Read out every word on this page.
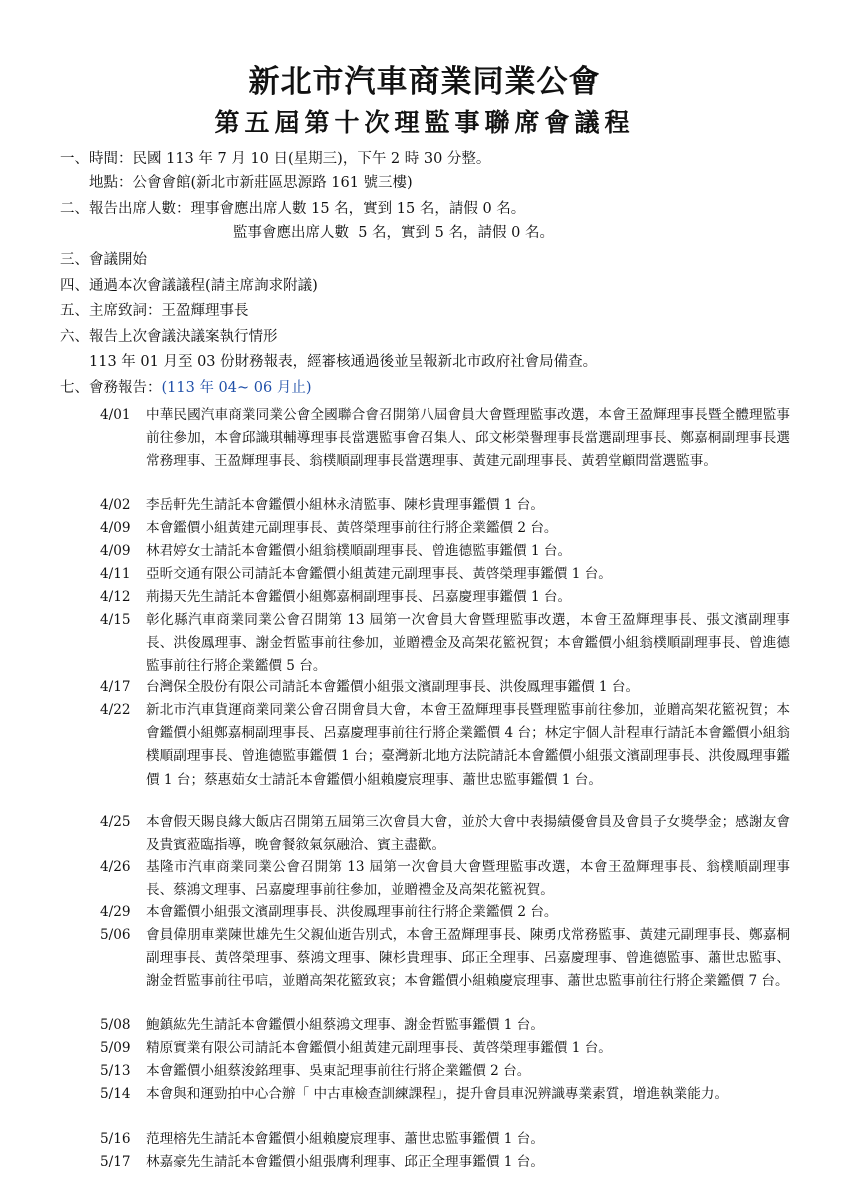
新北市汽車商業同業公會
第五屆第十次理監事聯席會議程
一、時間：民國 113 年 7 月 10 日(星期三)，下午 2 時 30 分整。
地點：公會會館(新北市新莊區思源路 161 號三樓)
二、報告出席人數：理事會應出席人數 15 名，實到 15 名，請假 0 名。
監事會應出席人數  5 名，實到 5 名，請假 0 名。
三、會議開始
四、通過本次會議議程(請主席詢求附議)
五、主席致詞：王盈輝理事長
六、報告上次會議決議案執行情形
113 年 01 月至 03 份財務報表，經審核通過後並呈報新北市政府社會局備查。
七、會務報告：(113 年 04~ 06 月止)
4/01	中華民國汽車商業同業公會全國聯合會召開第八屆會員大會暨理監事改選，本會王盈輝理事長暨全體理監事前往參加，本會邱識琪輔導理事長當選監事會召集人、邱文彬榮譽理事長當選副理事長、鄭嘉桐副理事長選常務理事、王盈輝理事長、翁樸順副理事長當選理事、黃建元副理事長、黃碧堂顧問當選監事。
4/02	李岳軒先生請託本會鑑價小組林永清監事、陳杉貴理事鑑價 1 台。
4/09	本會鑑價小組黃建元副理事長、黃啓榮理事前往行將企業鑑價 2 台。
4/09	林君婷女士請託本會鑑價小組翁樸順副理事長、曾進德監事鑑價 1 台。
4/11	亞昕交通有限公司請託本會鑑價小組黃建元副理事長、黃啓榮理事鑑價 1 台。
4/12	荊揚天先生請託本會鑑價小組鄭嘉桐副理事長、呂嘉慶理事鑑價 1 台。
4/15	彰化縣汽車商業同業公會召開第 13 屆第一次會員大會暨理監事改選，本會王盈輝理事長、張文濱副理事長、洪俊鳳理事、謝金哲監事前往參加，並贈禮金及高架花籃祝賀；本會鑑價小組翁樸順副理事長、曾進德監事前往行將企業鑑價 5 台。
4/17	台灣保全股份有限公司請託本會鑑價小組張文濱副理事長、洪俊鳳理事鑑價 1 台。
4/22	新北市汽車貨運商業同業公會召開會員大會，本會王盈輝理事長暨理監事前往參加，並贈高架花籃祝賀；本會鑑價小組鄭嘉桐副理事長、呂嘉慶理事前往行將企業鑑價 4 台；林定宇個人計程車行請託本會鑑價小組翁樸順副理事長、曾進德監事鑑價 1 台；臺灣新北地方法院請託本會鑑價小組張文濱副理事長、洪俊鳳理事鑑價 1 台；蔡惠茹女士請託本會鑑價小組賴慶宸理事、蕭世忠監事鑑價 1 台。
4/25	本會假天賜良緣大飯店召開第五屆第三次會員大會，並於大會中表揚績優會員及會員子女獎學金；感謝友會及貴賓蒞臨指導，晚會餐敘氣氛融洽、賓主盡歡。
4/26	基隆市汽車商業同業公會召開第 13 屆第一次會員大會暨理監事改選，本會王盈輝理事長、翁樸順副理事長、蔡鴻文理事、呂嘉慶理事前往參加，並贈禮金及高架花籃祝賀。
4/29	本會鑑價小組張文濱副理事長、洪俊鳳理事前往行將企業鑑價 2 台。
5/06	會員偉朋車業陳世雄先生父親仙逝告別式，本會王盈輝理事長、陳勇戊常務監事、黃建元副理事長、鄭嘉桐副理事長、黃啓榮理事、蔡鴻文理事、陳杉貴理事、邱正全理事、呂嘉慶理事、曾進德監事、蕭世忠監事、謝金哲監事前往弔唁，並贈高架花籃致哀；本會鑑價小組賴慶宸理事、蕭世忠監事前往行將企業鑑價 7 台。
5/08	鮑鎮紘先生請託本會鑑價小組蔡鴻文理事、謝金哲監事鑑價 1 台。
5/09	精原實業有限公司請託本會鑑價小組黃建元副理事長、黃啓榮理事鑑價 1 台。
5/13	本會鑑價小組蔡浚銘理事、吳東記理事前往行將企業鑑價 2 台。
5/14	本會與和運勁拍中心合辦「 中古車檢查訓練課程」，提升會員車況辨識專業素質，增進執業能力。
5/16	范理榕先生請託本會鑑價小組賴慶宸理事、蕭世忠監事鑑價 1 台。
5/17	林嘉豪先生請託本會鑑價小組張膺利理事、邱正全理事鑑價 1 台。
